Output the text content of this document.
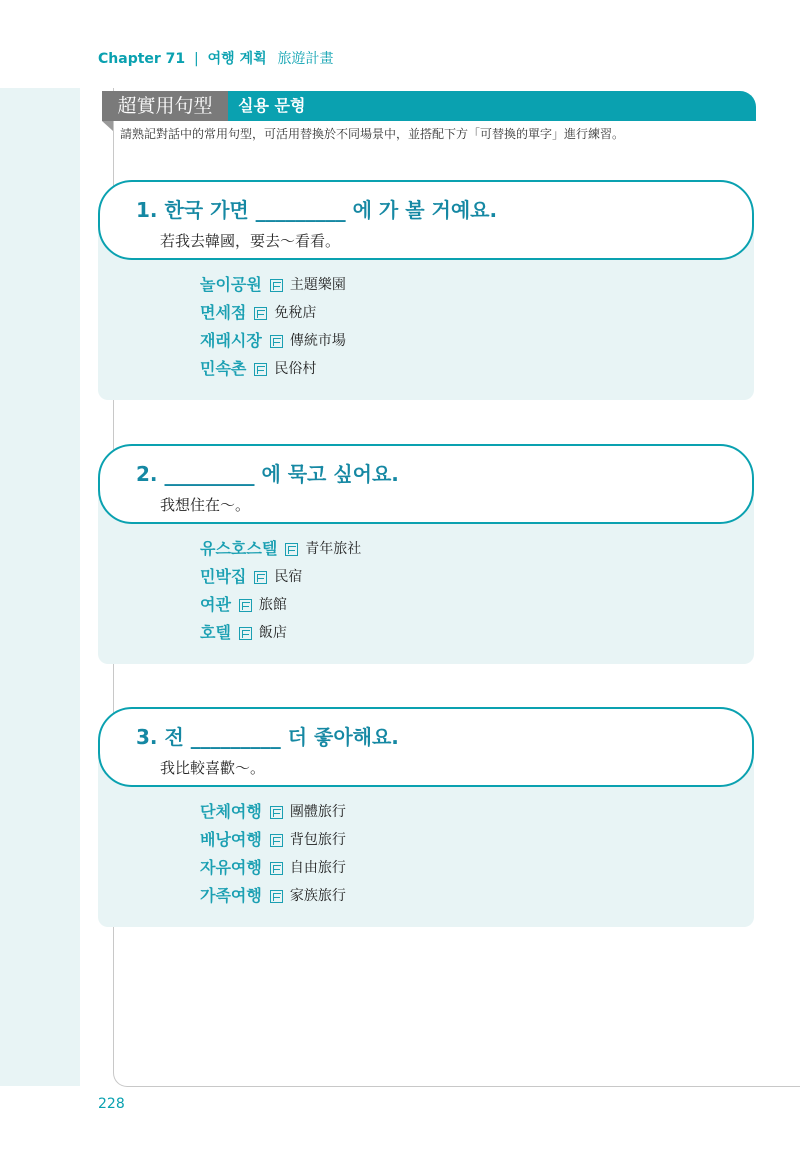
Chapter 71 | 여행 계획 旅遊計畫
超實用句型	실용 문형
請熟記對話中的常用句型，可活用替換於不同場景中，並搭配下方「可替換的單字」進行練習。
1. 한국 가면 _________ 에 가 볼 거예요.
若我去韓國，要去～看看。
놀이공원 主題樂園
면세점 免稅店
재래시장 傳統市場
민속촌 民俗村
2. _________ 에 묵고 싶어요.
我想住在～。
유스호스텔 青年旅社
민박집 民宿
여관 旅館
호텔 飯店
3. 전 _________ 더 좋아해요.
我比較喜歡～。
단체여행 團體旅行
배낭여행 背包旅行
자유여행 自由旅行
가족여행 家族旅行
228
